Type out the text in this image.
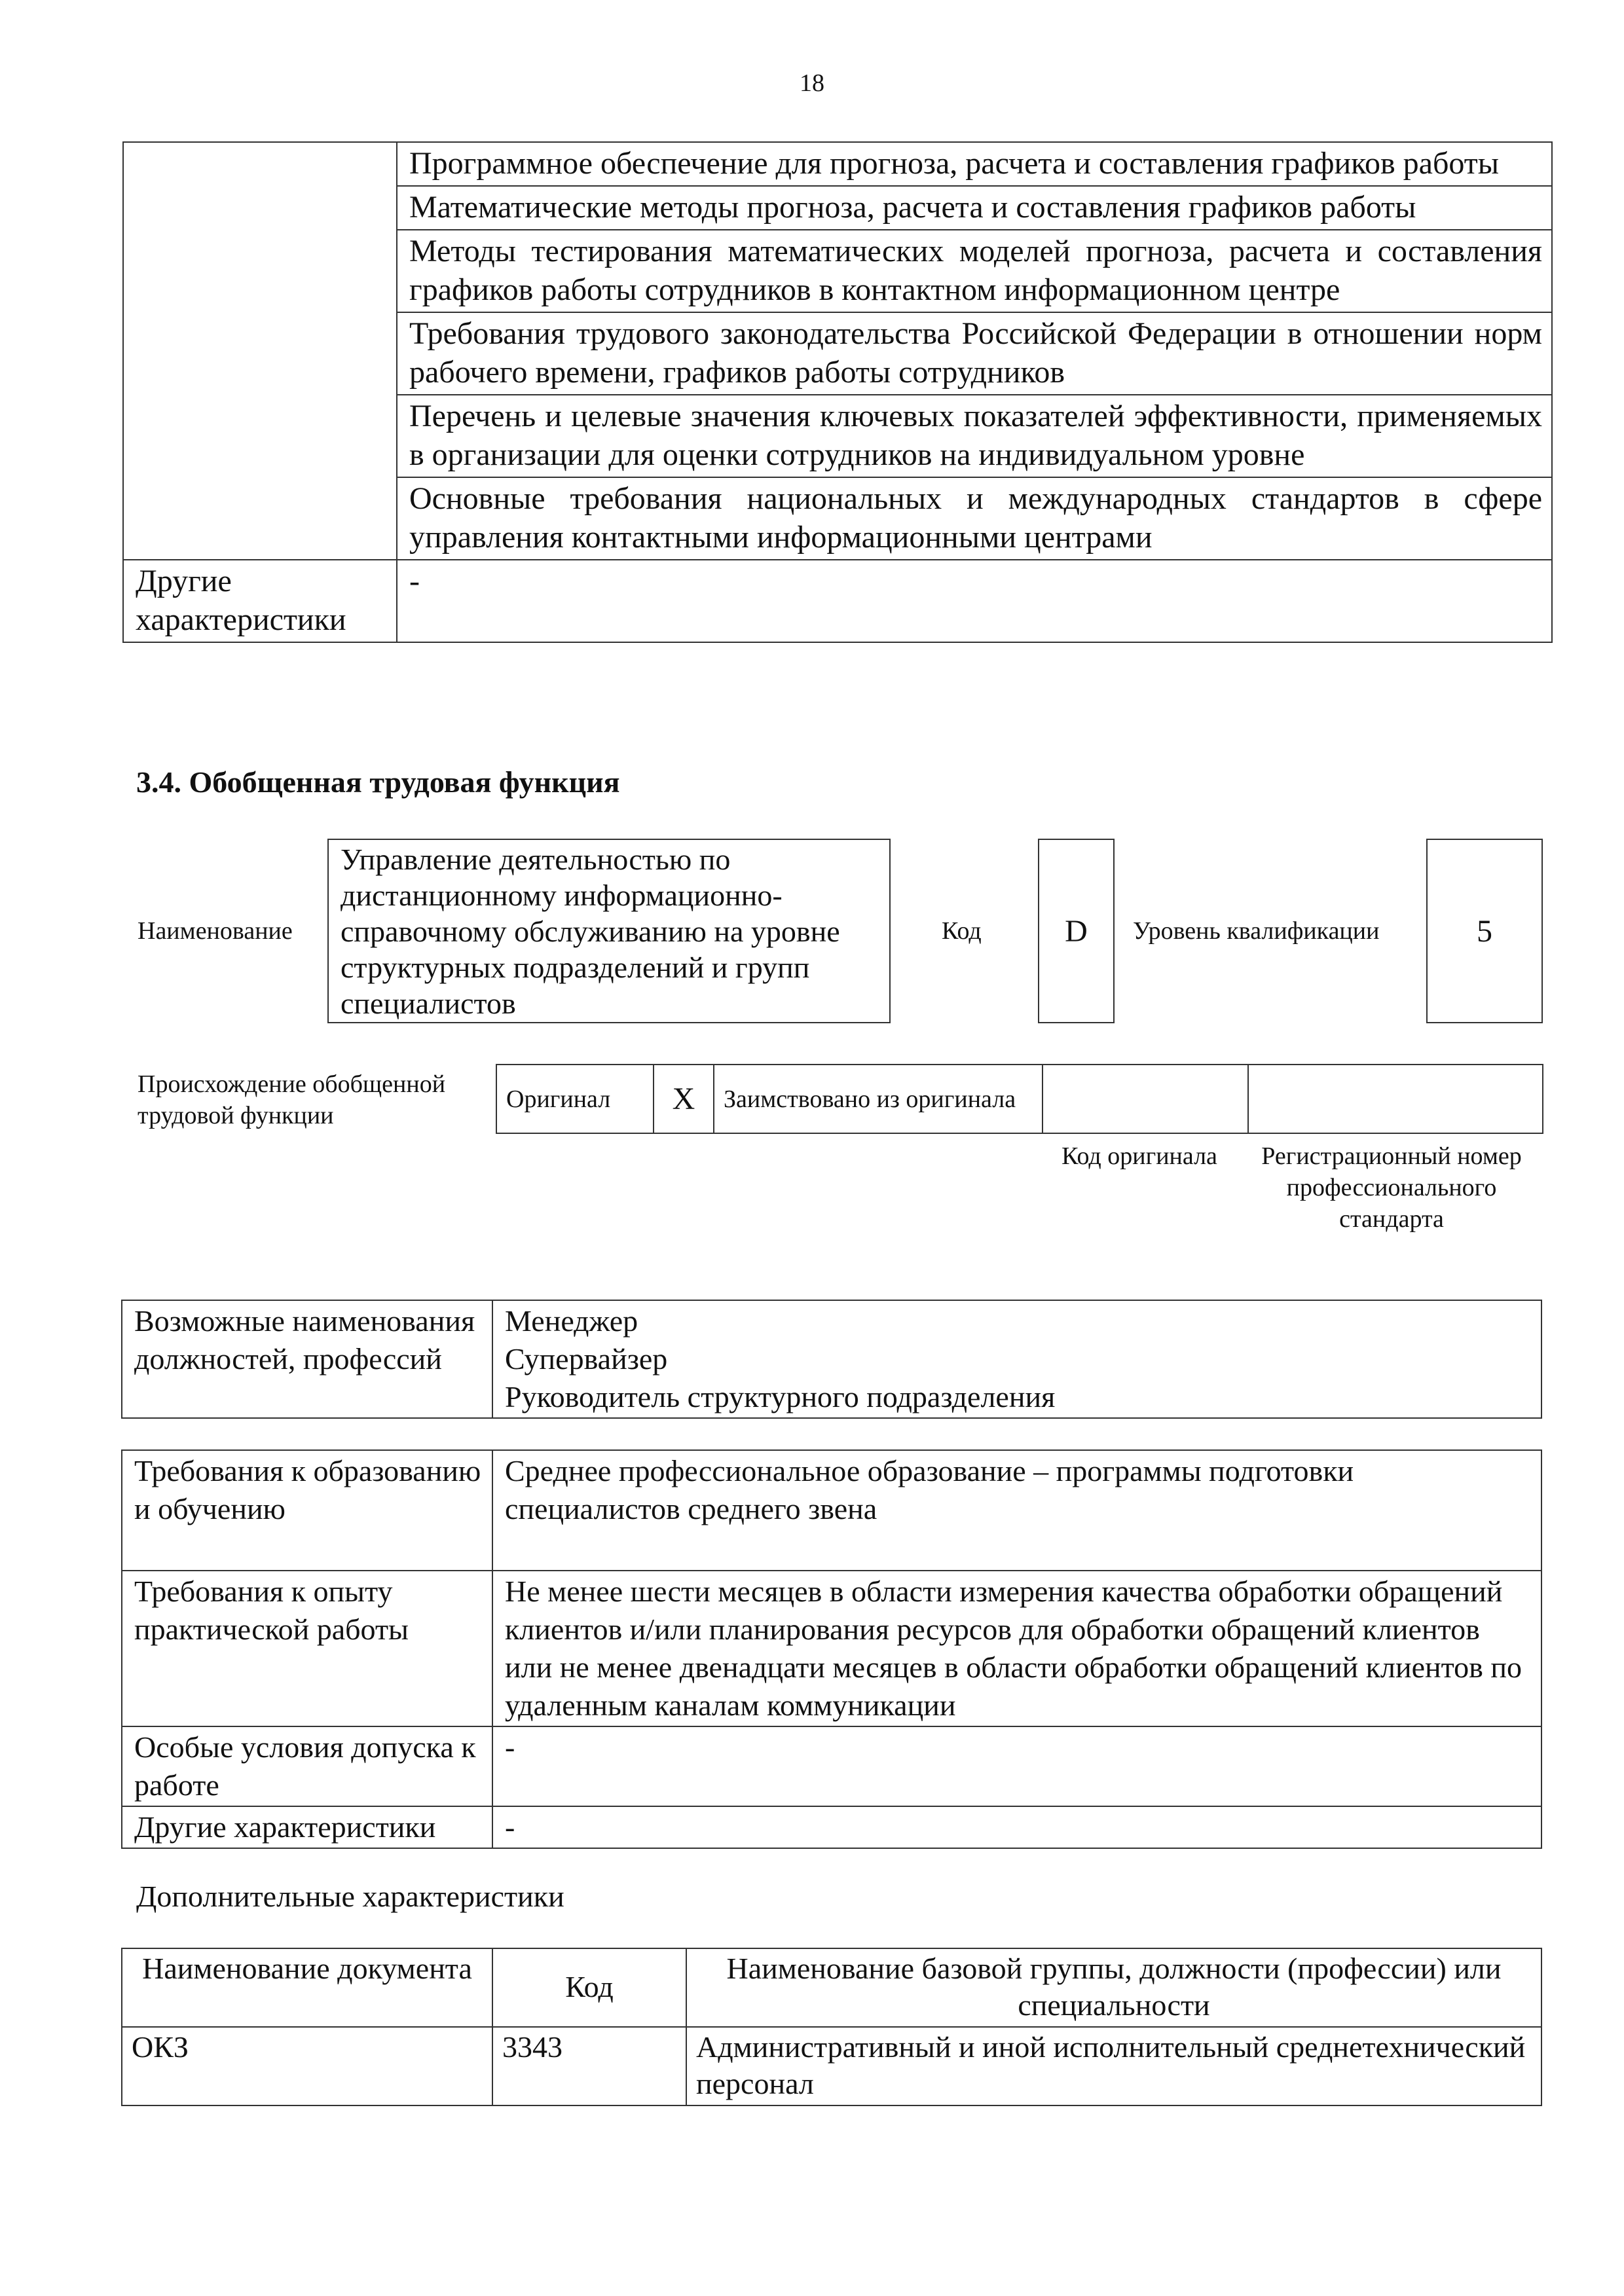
18
	Программное обеспечение для прогноза, расчета и составления графиков работы
	Математические методы прогноза, расчета и составления графиков работы
	Методы тестирования математических моделей прогноза, расчета и составления графиков работы сотрудников в контактном информационном центре
	Требования трудового законодательства Российской Федерации в отношении норм рабочего времени, графиков работы сотрудников
	Перечень и целевые значения ключевых показателей эффективности, применяемых в организации для оценки сотрудников на индивидуальном уровне
	Основные требования национальных и международных стандартов в сфере управления контактными информационными центрами
Другие характеристики	-
3.4. Обобщенная трудовая функция
Наименование
Управление деятельностью по дистанционному информационно-справочному обслуживанию на уровне структурных подразделений и групп специалистов
Код	D	Уровень квалификации	5
Происхождение обобщенной трудовой функции
Оригинал	X	Заимствовано из оригинала		
Код оригинала	Регистрационный номер профессионального стандарта
Возможные наименования должностей, профессий	
Менеджер
Супервайзер
Руководитель структурного подразделения
Требования к образованию и обучению	Среднее профессиональное образование – программы подготовки специалистов среднего звена
Требования к опыту практической работы	Не менее шести месяцев в области измерения качества обработки обращений клиентов и/или планирования ресурсов для обработки обращений клиентов или не менее двенадцати месяцев в области обработки обращений клиентов по удаленным каналам коммуникации
Особые условия допуска к работе	-
Другие характеристики	-
Дополнительные характеристики
Наименование документа	Код	Наименование базовой группы, должности (профессии) или специальности
ОКЗ	3343	Административный и иной исполнительный среднетехнический персонал
